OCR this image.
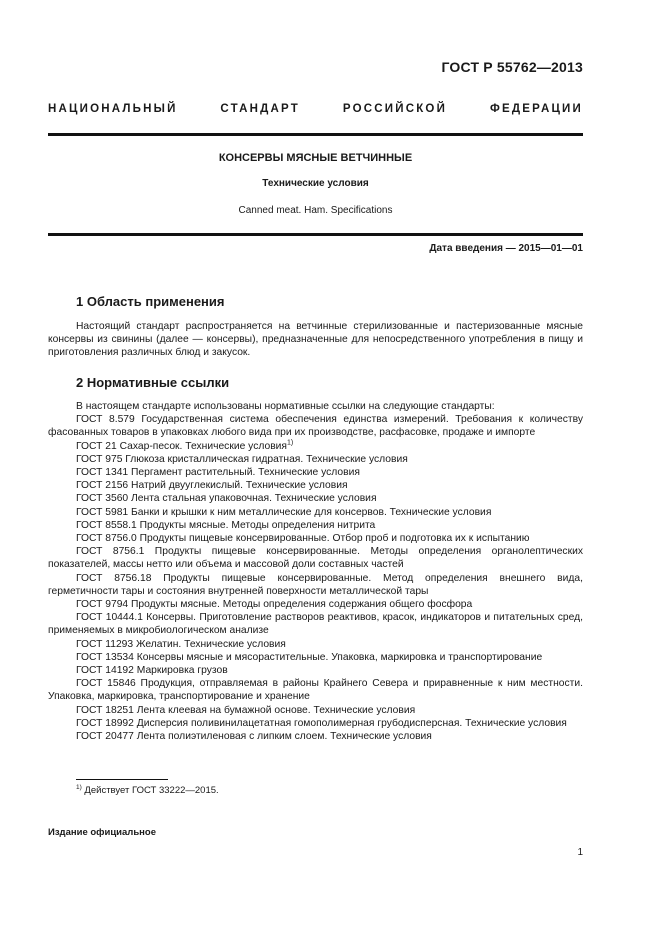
ГОСТ Р 55762—2013
НАЦИОНАЛЬНЫЙ СТАНДАРТ РОССИЙСКОЙ ФЕДЕРАЦИИ
КОНСЕРВЫ МЯСНЫЕ ВЕТЧИННЫЕ
Технические условия
Canned meat. Ham. Specifications
Дата введения — 2015—01—01
1 Область применения

Настоящий стандарт распространяется на ветчинные стерилизованные и пастеризованные мясные консервы из свинины (далее — консервы), предназначенные для непосредственного употребления в пищу и приготовления различных блюд и закусок.

2 Нормативные ссылки
В настоящем стандарте использованы нормативные ссылки на следующие стандарты:
ГОСТ 8.579 Государственная система обеспечения единства измерений. Требования к количеству фасованных товаров в упаковках любого вида при их производстве, расфасовке, продаже и импорте
ГОСТ 21 Сахар-песок. Технические условия$^{1)}$
ГОСТ 975 Глюкоза кристаллическая гидратная. Технические условия
ГОСТ 1341 Пергамент растительный. Технические условия
ГОСТ 2156 Натрий двууглекислый. Технические условия
ГОСТ 3560 Лента стальная упаковочная. Технические условия
ГОСТ 5981 Банки и крышки к ним металлические для консервов. Технические условия
ГОСТ 8558.1 Продукты мясные. Методы определения нитрита
ГОСТ 8756.0 Продукты пищевые консервированные. Отбор проб и подготовка их к испытанию
ГОСТ 8756.1 Продукты пищевые консервированные. Методы определения органолептических показателей, массы нетто или объема и массовой доли составных частей
ГОСТ 8756.18 Продукты пищевые консервированные. Метод определения внешнего вида, герметичности тары и состояния внутренней поверхности металлической тары
ГОСТ 9794 Продукты мясные. Методы определения содержания общего фосфора
ГОСТ 10444.1 Консервы. Приготовление растворов реактивов, красок, индикаторов и питательных сред, применяемых в микробиологическом анализе
ГОСТ 11293 Желатин. Технические условия
ГОСТ 13534 Консервы мясные и мясорастительные. Упаковка, маркировка и транспортирование
ГОСТ 14192 Маркировка грузов
ГОСТ 15846 Продукция, отправляемая в районы Крайнего Севера и приравненные к ним местности. Упаковка, маркировка, транспортирование и хранение
ГОСТ 18251 Лента клеевая на бумажной основе. Технические условия
ГОСТ 18992 Дисперсия поливинилацетатная гомополимерная грубодисперсная. Технические условия
ГОСТ 20477 Лента полиэтиленовая с липким слоем. Технические условия
$^{1)}$ Действует ГОСТ 33222—2015.
Издание официальное
1
